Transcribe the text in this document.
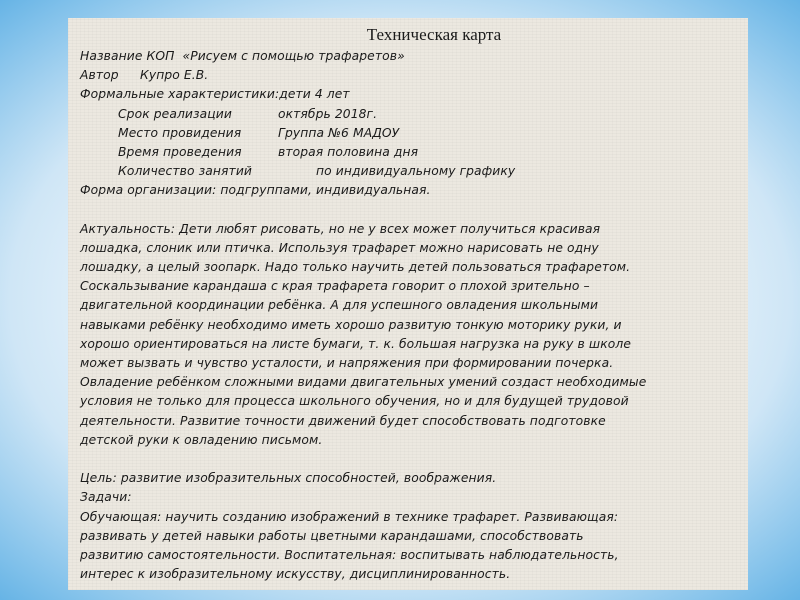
Техническая карта
Название КОП «Рисуем с помощью трафаретов»
Автор Купро Е.В.
Формальные характеристики:дети 4 лет
Срок реализации	октябрь 2018г.
Место провидения	Группа №6 МАДОУ
Время проведения	вторая половина дня
Количество занятий	по индивидуальному графику
Форма организации: подгруппами, индивидуальная.
Актуальность: Дети любят рисовать, но не у всех может получиться красивая
лошадка, слоник или птичка. Используя трафарет можно нарисовать не одну
лошадку, а целый зоопарк. Надо только научить детей пользоваться трафаретом.
Соскальзывание карандаша с края трафарета говорит о плохой зрительно –
двигательной координации ребёнка. А для успешного овладения школьными
навыками ребёнку необходимо иметь хорошо развитую тонкую моторику руки, и
хорошо ориентироваться на листе бумаги, т. к. большая нагрузка на руку в школе
может вызвать и чувство усталости, и напряжения при формировании почерка.
Овладение ребёнком сложными видами двигательных умений создаст необходимые
условия не только для процесса школьного обучения, но и для будущей трудовой
деятельности. Развитие точности движений будет способствовать подготовке
детской руки к овладению письмом.
Цель: развитие изобразительных способностей, воображения.
Задачи:
Обучающая: научить созданию изображений в технике трафарет. Развивающая:
развивать у детей навыки работы цветными карандашами, способствовать
развитию самостоятельности. Воспитательная: воспитывать наблюдательность,
интерес к изобразительному искусству, дисциплинированность.
